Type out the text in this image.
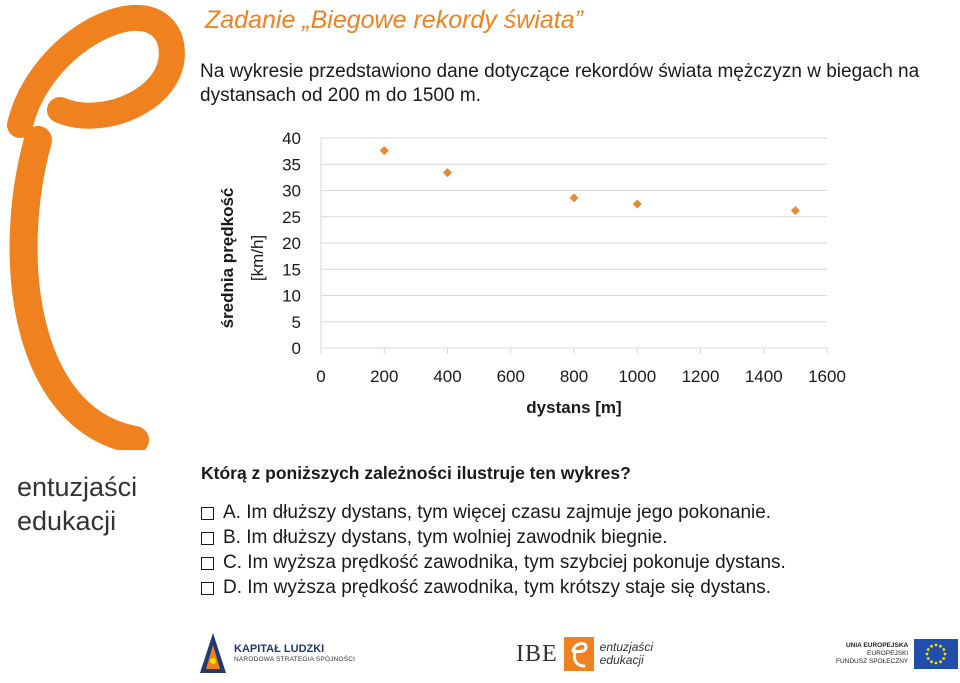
Zadanie „Biegowe rekordy świata”
Na wykresie przedstawiono dane dotyczące rekordów świata mężczyzn w biegach na dystansach od 200 m do 1500 m.
0
5
10
15
20
25
30
35
40
0	200 400 600 800 1000 1200 1400 1600
dystans [m]
średnia prędkość [km/h]
Którą z poniższych zależności ilustruje ten wykres?
A.
Im dłuższy dystans, tym więcej czasu zajmuje jego pokonanie.
B.
Im dłuższy dystans, tym wolniej zawodnik biegnie.
C.
Im wyższa prędkość zawodnika, tym szybciej pokonuje dystans.
D.
Im wyższa prędkość zawodnika, tym krótszy staje się dystans.
entuzjaści
edukacji
KAPITAŁ LUDZKI
NARODOWA STRATEGIA SPÓJNOŚCI	IBE	entuzjaści
edukacji
UNIA EUROPEJSKA
EUROPEJSKI
FUNDUSZ SPOŁECZNY
